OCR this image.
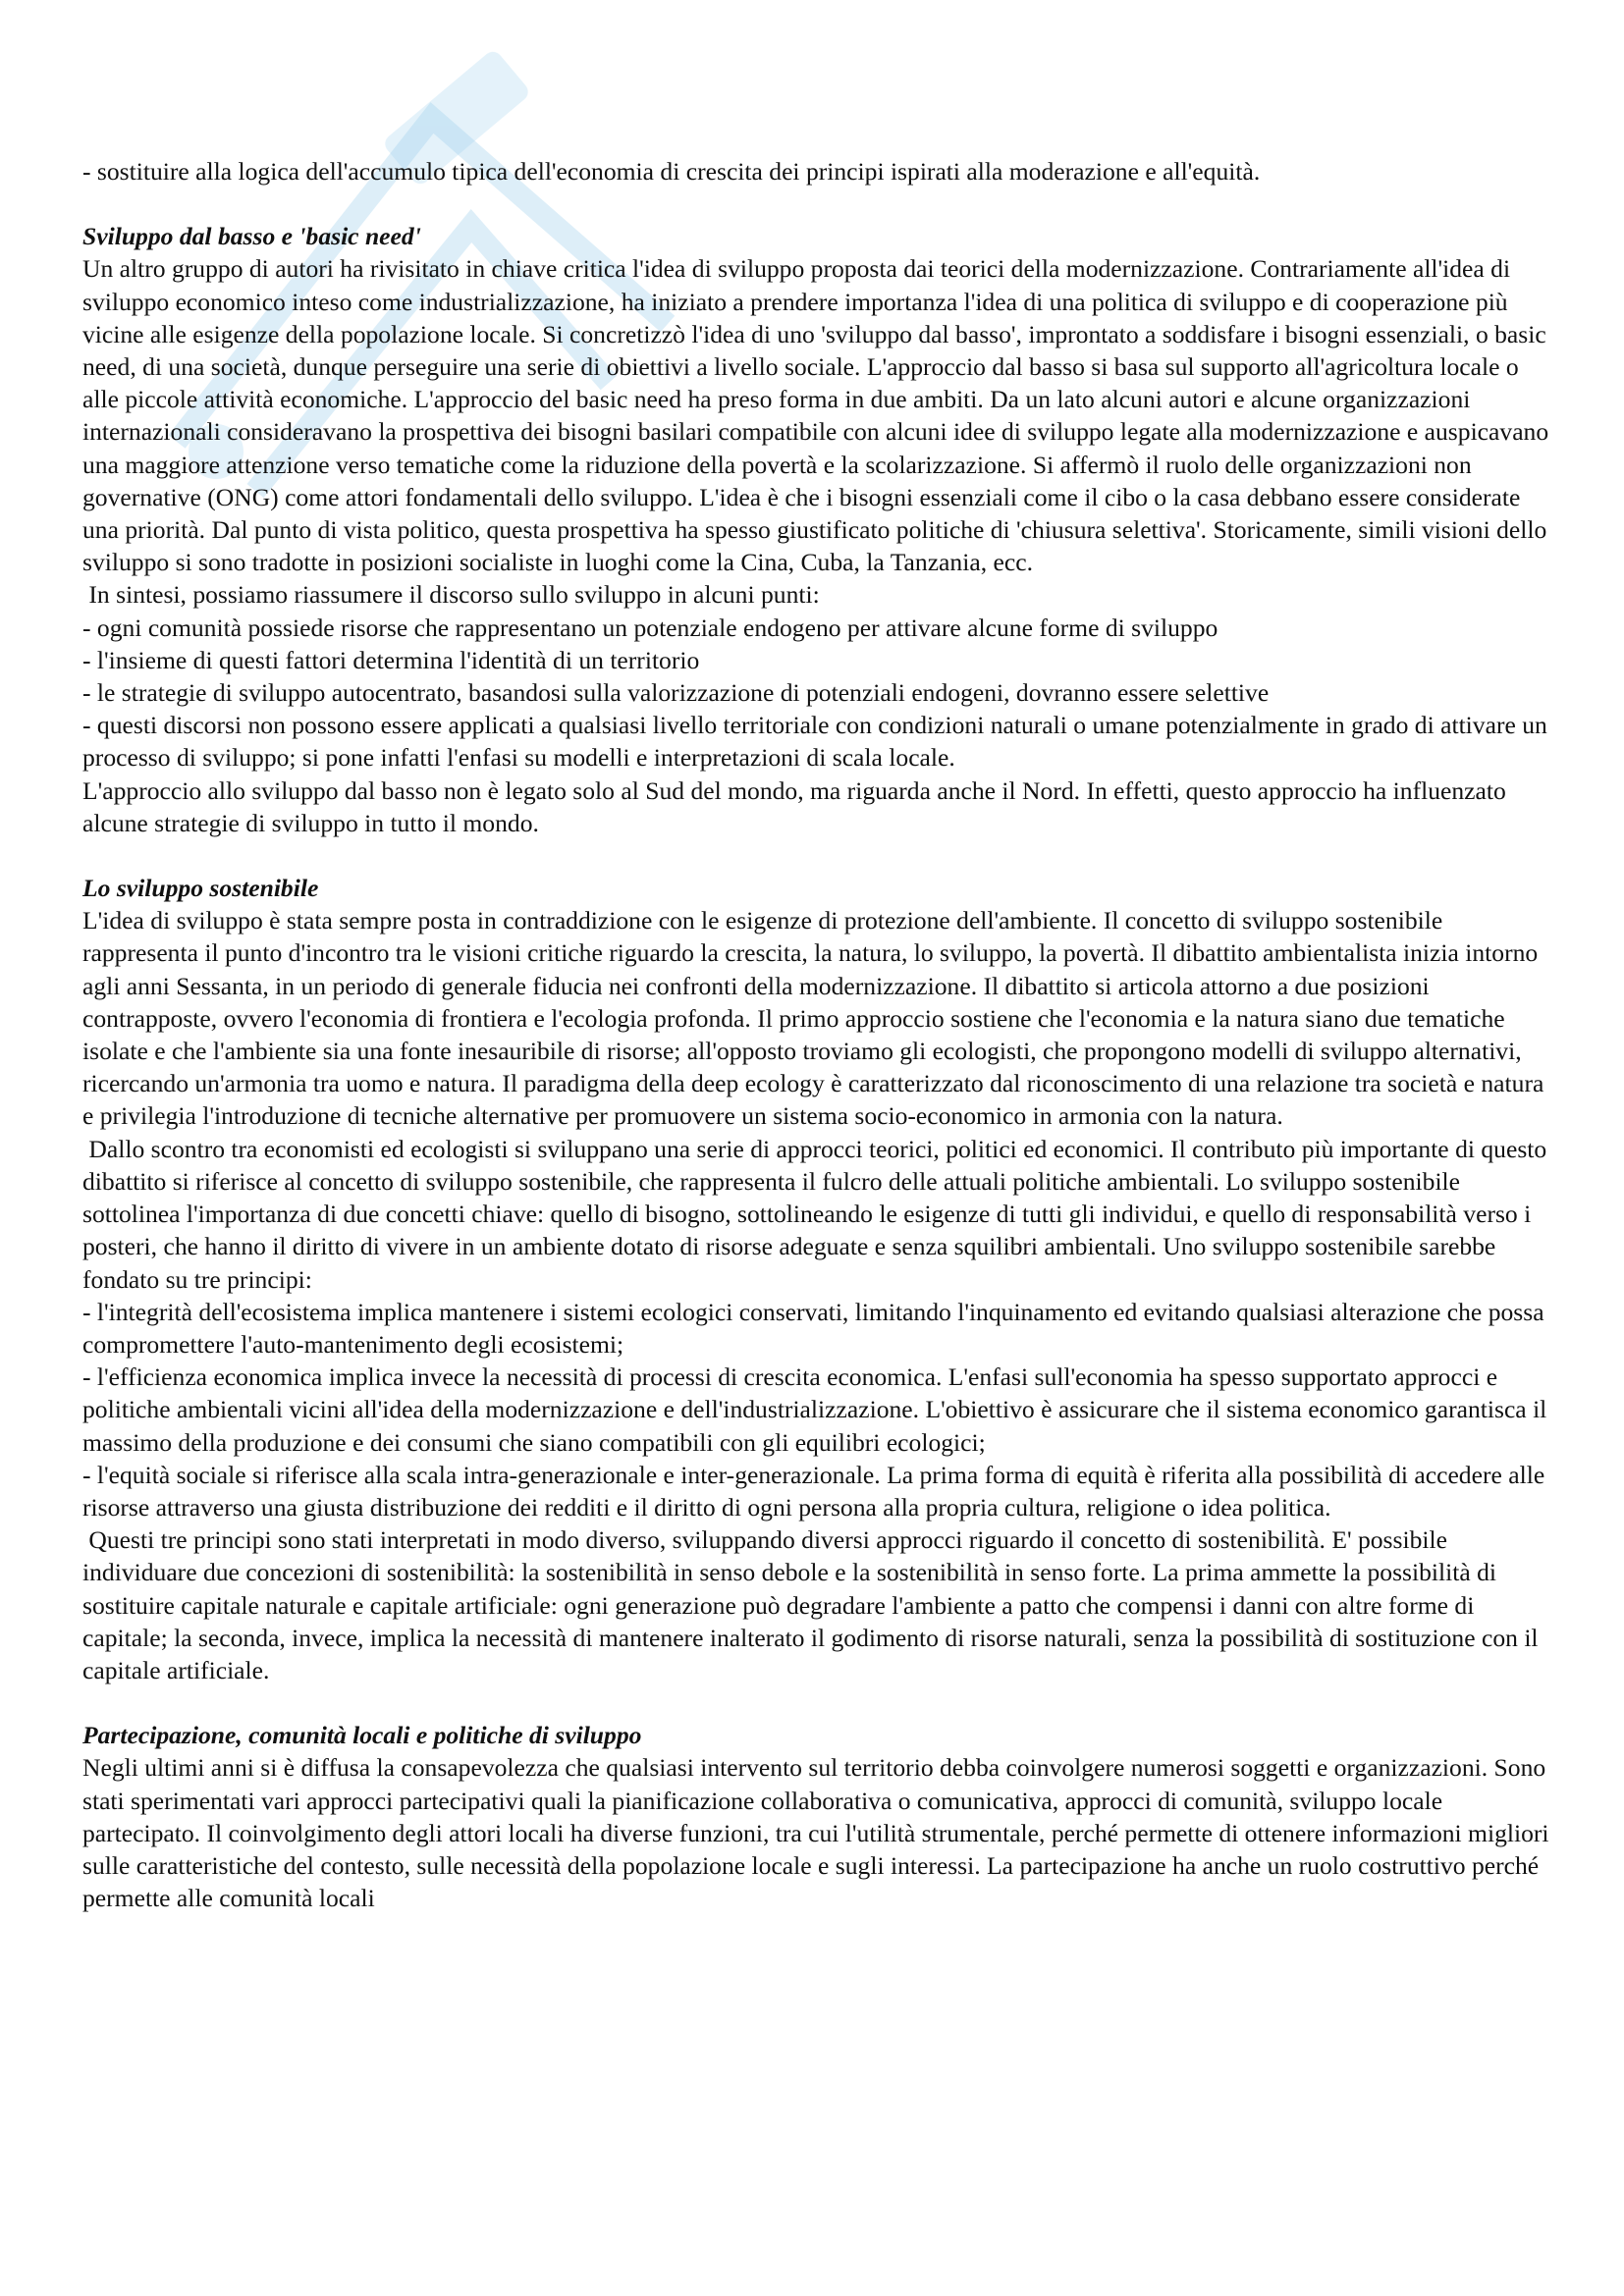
- sostituire alla logica dell'accumulo tipica dell'economia di crescita dei principi ispirati alla moderazione e all'equità.

Sviluppo dal basso e 'basic need'

Un altro gruppo di autori ha rivisitato in chiave critica l'idea di sviluppo proposta dai teorici della modernizzazione. Contrariamente all'idea di sviluppo economico inteso come industrializzazione, ha iniziato a prendere importanza l'idea di una politica di sviluppo e di cooperazione più vicine alle esigenze della popolazione locale. Si concretizzò l'idea di uno 'sviluppo dal basso', improntato a soddisfare i bisogni essenziali, o basic need, di una società, dunque perseguire una serie di obiettivi a livello sociale. L'approccio dal basso si basa sul supporto all'agricoltura locale o alle piccole attività economiche. L'approccio del basic need ha preso forma in due ambiti. Da un lato alcuni autori e alcune organizzazioni internazionali consideravano la prospettiva dei bisogni basilari compatibile con alcuni idee di sviluppo legate alla modernizzazione e auspicavano una maggiore attenzione verso tematiche come la riduzione della povertà e la scolarizzazione. Si affermò il ruolo delle organizzazioni non governative (ONG) come attori fondamentali dello sviluppo. L'idea è che i bisogni essenziali come il cibo o la casa debbano essere considerate una priorità. Dal punto di vista politico, questa prospettiva ha spesso giustificato politiche di 'chiusura selettiva'. Storicamente, simili visioni dello sviluppo si sono tradotte in posizioni socialiste in luoghi come la Cina, Cuba, la Tanzania, ecc.

In sintesi, possiamo riassumere il discorso sullo sviluppo in alcuni punti:

- ogni comunità possiede risorse che rappresentano un potenziale endogeno per attivare alcune forme di sviluppo

- l'insieme di questi fattori determina l'identità di un territorio

- le strategie di sviluppo autocentrato, basandosi sulla valorizzazione di potenziali endogeni, dovranno essere selettive

- questi discorsi non possono essere applicati a qualsiasi livello territoriale con condizioni naturali o umane potenzialmente in grado di attivare un processo di sviluppo; si pone infatti l'enfasi su modelli e interpretazioni di scala locale.

L'approccio allo sviluppo dal basso non è legato solo al Sud del mondo, ma riguarda anche il Nord. In effetti, questo approccio ha influenzato alcune strategie di sviluppo in tutto il mondo.

Lo sviluppo sostenibile

L'idea di sviluppo è stata sempre posta in contraddizione con le esigenze di protezione dell'ambiente. Il concetto di sviluppo sostenibile rappresenta il punto d'incontro tra le visioni critiche riguardo la crescita, la natura, lo sviluppo, la povertà. Il dibattito ambientalista inizia intorno agli anni Sessanta, in un periodo di generale fiducia nei confronti della modernizzazione. Il dibattito si articola attorno a due posizioni contrapposte, ovvero l'economia di frontiera e l'ecologia profonda. Il primo approccio sostiene che l'economia e la natura siano due tematiche isolate e che l'ambiente sia una fonte inesauribile di risorse; all'opposto troviamo gli ecologisti, che propongono modelli di sviluppo alternativi, ricercando un'armonia tra uomo e natura. Il paradigma della deep ecology è caratterizzato dal riconoscimento di una relazione tra società e natura e privilegia l'introduzione di tecniche alternative per promuovere un sistema socio-economico in armonia con la natura.

Dallo scontro tra economisti ed ecologisti si sviluppano una serie di approcci teorici, politici ed economici. Il contributo più importante di questo dibattito si riferisce al concetto di sviluppo sostenibile, che rappresenta il fulcro delle attuali politiche ambientali. Lo sviluppo sostenibile sottolinea l'importanza di due concetti chiave: quello di bisogno, sottolineando le esigenze di tutti gli individui, e quello di responsabilità verso i posteri, che hanno il diritto di vivere in un ambiente dotato di risorse adeguate e senza squilibri ambientali. Uno sviluppo sostenibile sarebbe fondato su tre principi:

- l'integrità dell'ecosistema implica mantenere i sistemi ecologici conservati, limitando l'inquinamento ed evitando qualsiasi alterazione che possa compromettere l'auto-mantenimento degli ecosistemi;

- l'efficienza economica implica invece la necessità di processi di crescita economica. L'enfasi sull'economia ha spesso supportato approcci e politiche ambientali vicini all'idea della modernizzazione e dell'industrializzazione. L'obiettivo è assicurare che il sistema economico garantisca il massimo della produzione e dei consumi che siano compatibili con gli equilibri ecologici;

- l'equità sociale si riferisce alla scala intra-generazionale e inter-generazionale. La prima forma di equità è riferita alla possibilità di accedere alle risorse attraverso una giusta distribuzione dei redditi e il diritto di ogni persona alla propria cultura, religione o idea politica.

Questi tre principi sono stati interpretati in modo diverso, sviluppando diversi approcci riguardo il concetto di sostenibilità. E' possibile individuare due concezioni di sostenibilità: la sostenibilità in senso debole e la sostenibilità in senso forte. La prima ammette la possibilità di sostituire capitale naturale e capitale artificiale: ogni generazione può degradare l'ambiente a patto che compensi i danni con altre forme di capitale; la seconda, invece, implica la necessità di mantenere inalterato il godimento di risorse naturali, senza la possibilità di sostituzione con il capitale artificiale.

Partecipazione, comunità locali e politiche di sviluppo

Negli ultimi anni si è diffusa la consapevolezza che qualsiasi intervento sul territorio debba coinvolgere numerosi soggetti e organizzazioni. Sono stati sperimentati vari approcci partecipativi quali la pianificazione collaborativa o comunicativa, approcci di comunità, sviluppo locale partecipato. Il coinvolgimento degli attori locali ha diverse funzioni, tra cui l'utilità strumentale, perché permette di ottenere informazioni migliori sulle caratteristiche del contesto, sulle necessità della popolazione locale e sugli interessi. La partecipazione ha anche un ruolo costruttivo perché permette alle comunità locali
